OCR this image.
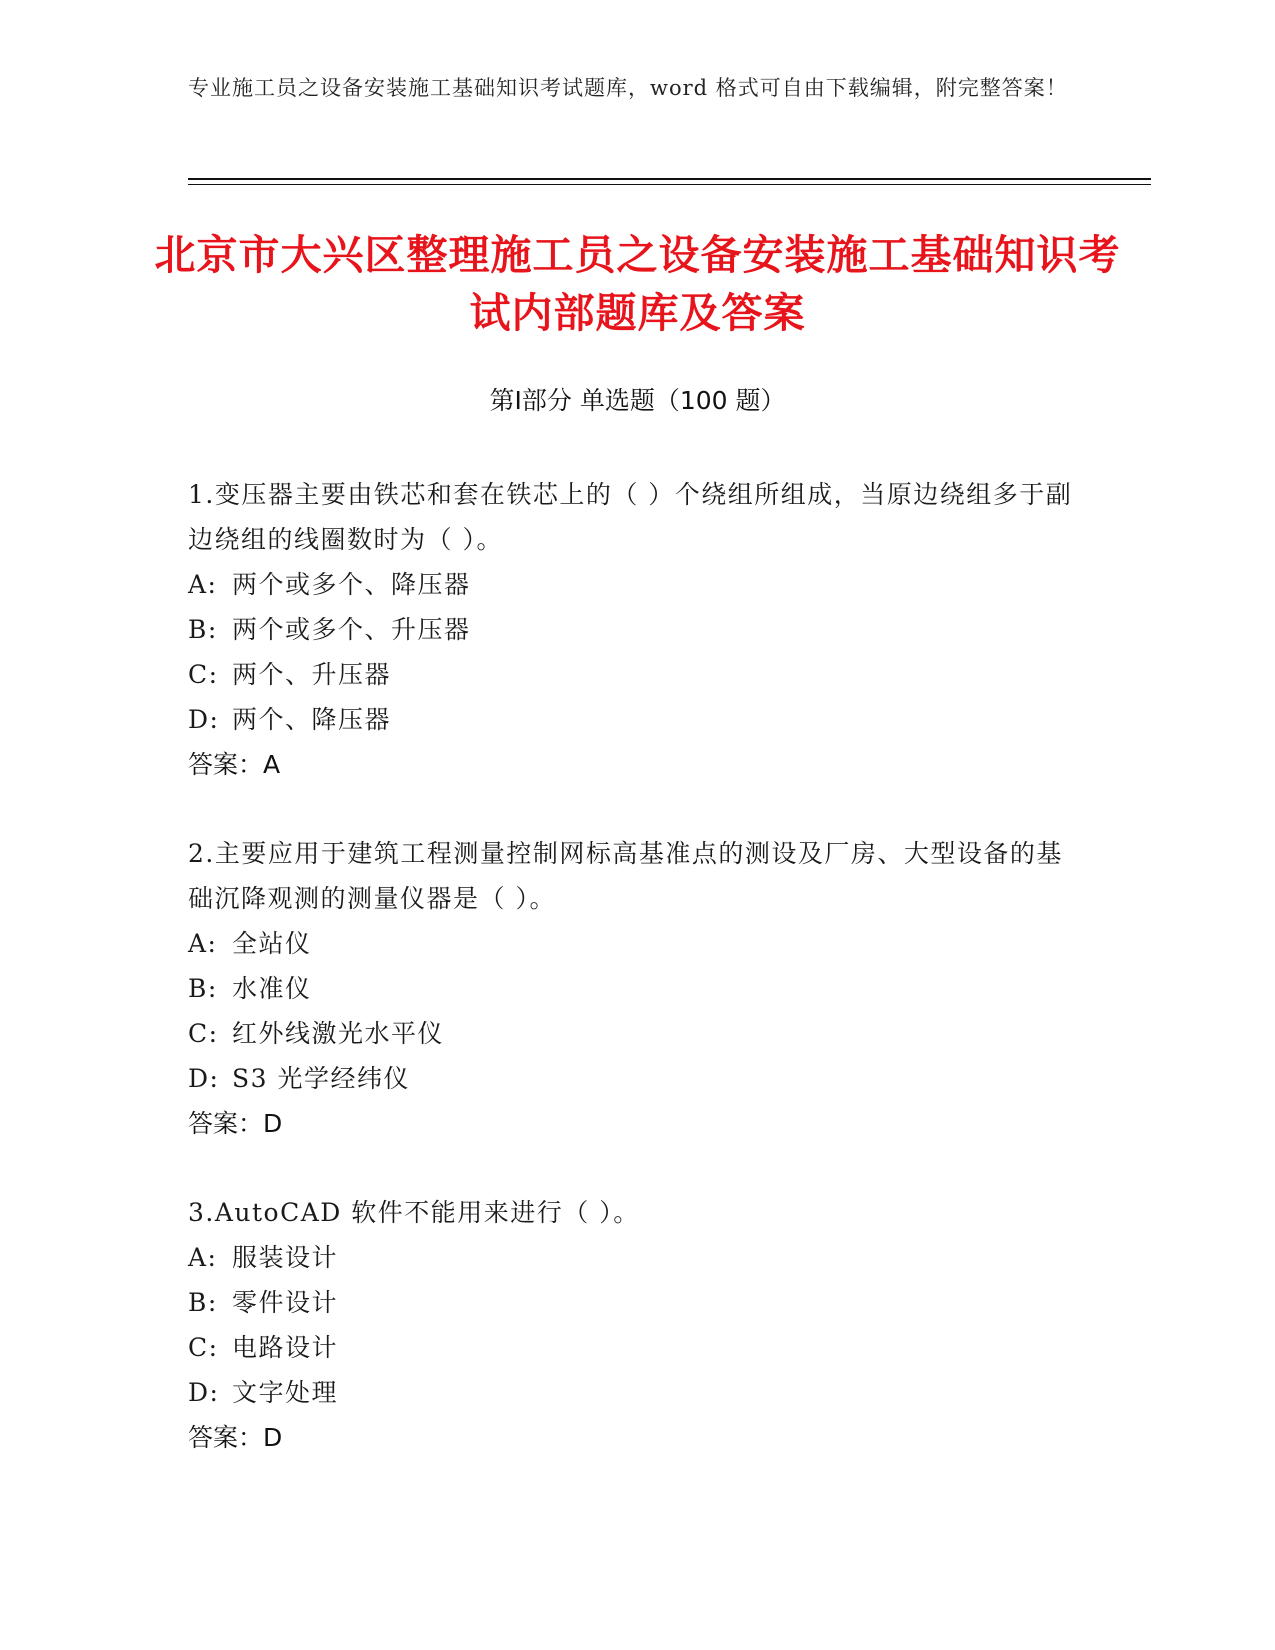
专业施工员之设备安装施工基础知识考试题库，word 格式可自由下载编辑，附完整答案！
北京市大兴区整理施工员之设备安装施工基础知识考试内部题库及答案
第Ⅰ部分 单选题（100 题）

1.变压器主要由铁芯和套在铁芯上的（ ）个绕组所组成，当原边绕组多于副边绕组的线圈数时为（ ）。

A: 两个或多个、降压器

B: 两个或多个、升压器

C: 两个、升压器

D: 两个、降压器

答案：A

2.主要应用于建筑工程测量控制网标高基准点的测设及厂房、大型设备的基础沉降观测的测量仪器是（ ）。

A: 全站仪

B: 水准仪

C: 红外线激光水平仪

D: S3 光学经纬仪

答案：D

3.AutoCAD 软件不能用来进行（ ）。

A: 服装设计

B: 零件设计

C: 电路设计

D: 文字处理

答案：D
